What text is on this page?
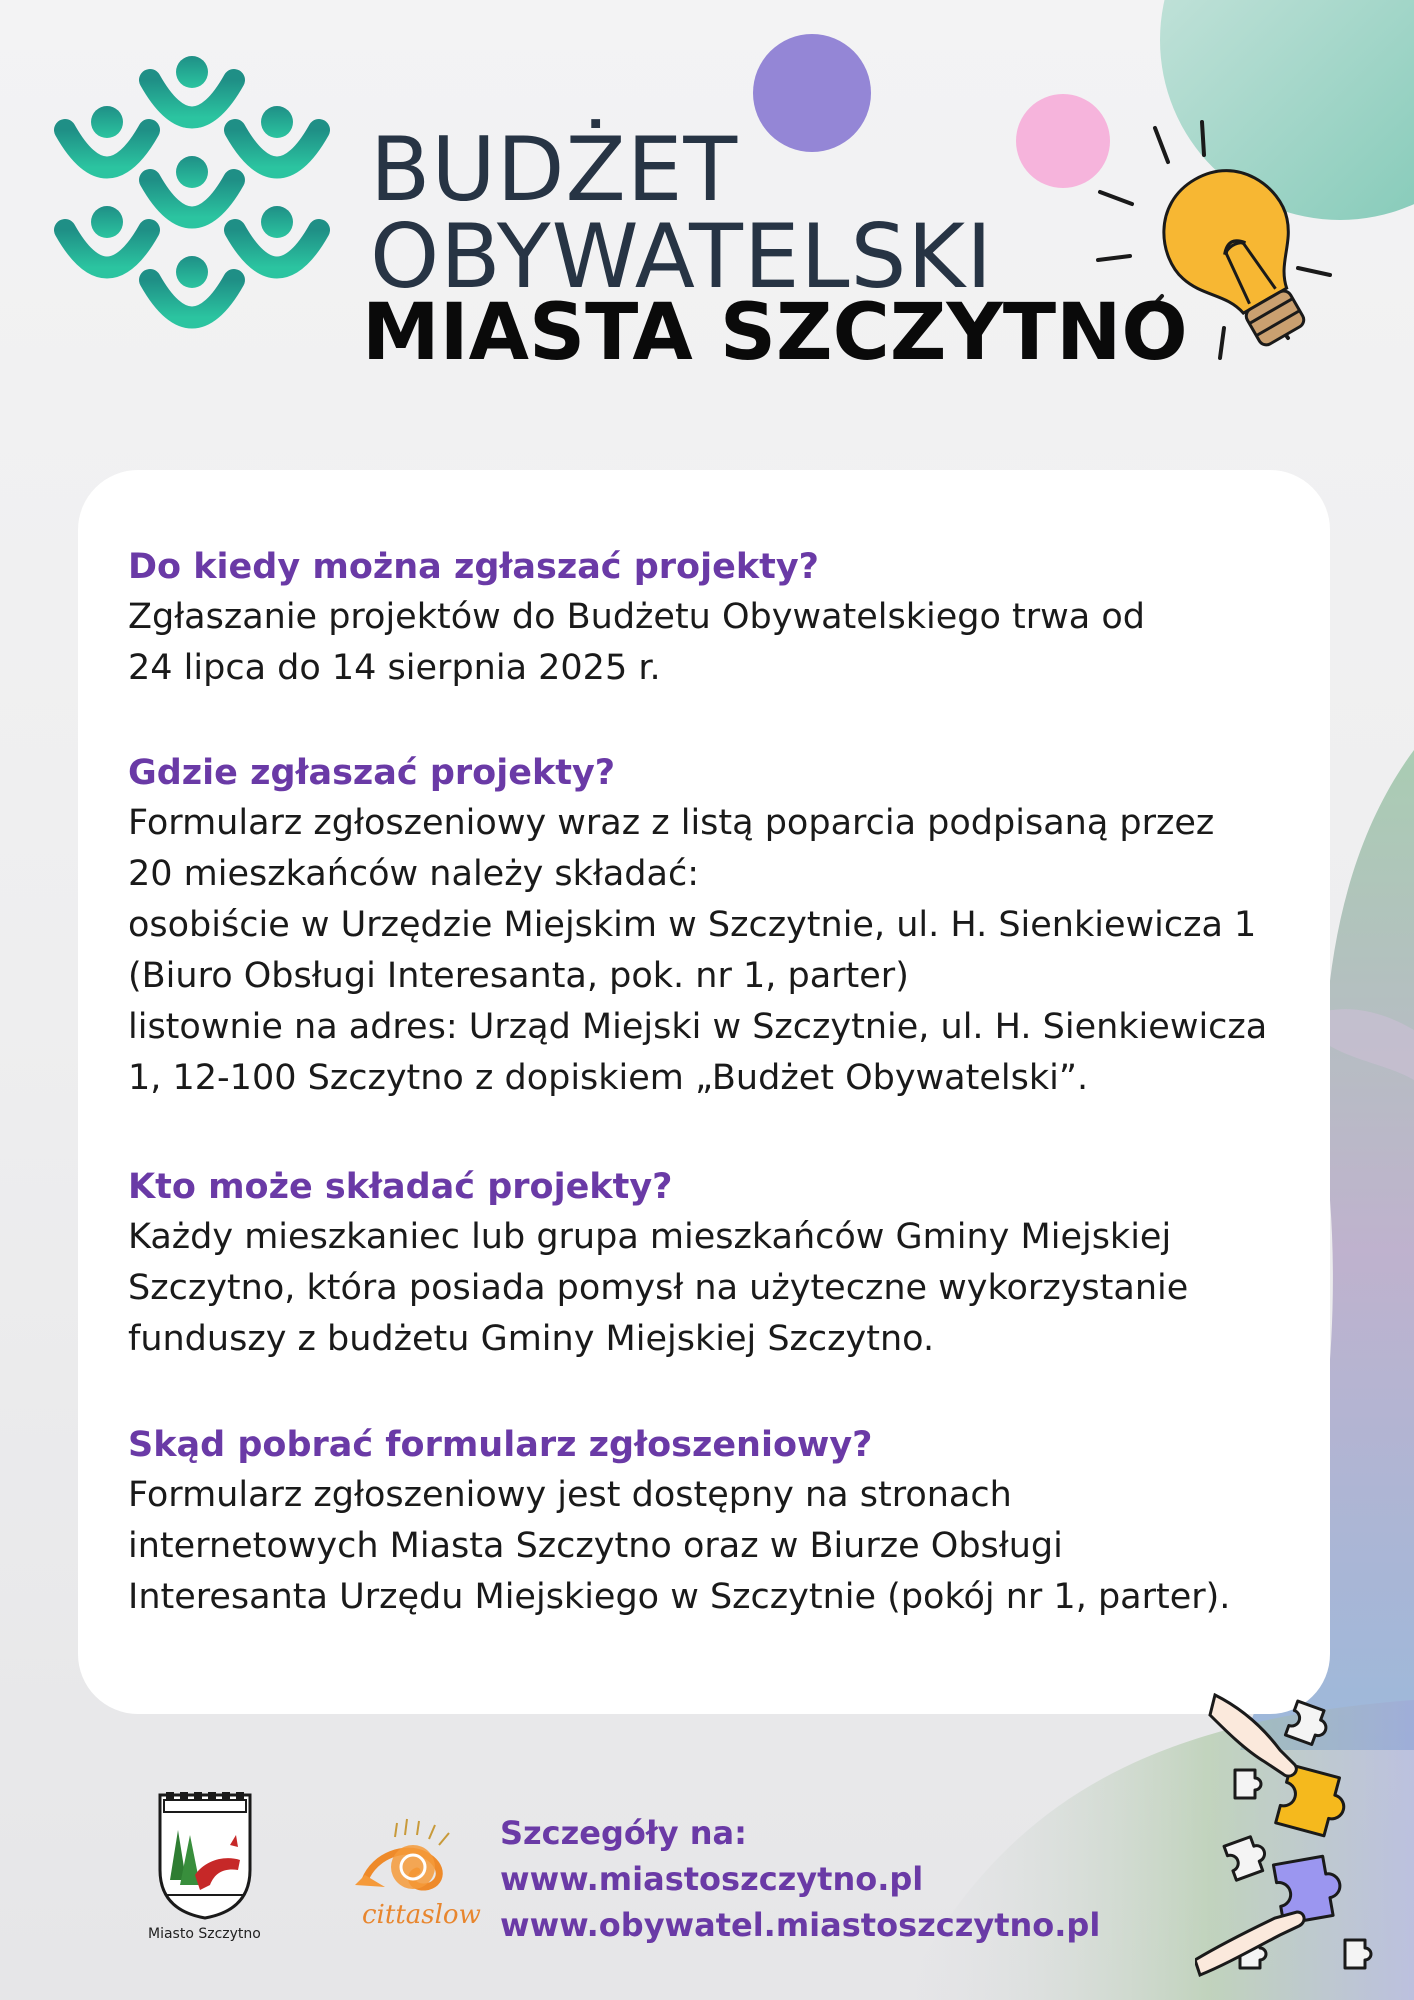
BUDŻET
OBYWATELSKI
MIASTA SZCZYTNO
Do kiedy można zgłaszać projekty?
Zgłaszanie projektów do Budżetu Obywatelskiego trwa od
24 lipca do 14 sierpnia 2025 r.
Gdzie zgłaszać projekty?
Formularz zgłoszeniowy wraz z listą poparcia podpisaną przez
20 mieszkańców należy składać:
osobiście w Urzędzie Miejskim w Szczytnie, ul. H. Sienkiewicza 1
(Biuro Obsługi Interesanta, pok. nr 1, parter)
listownie na adres: Urząd Miejski w Szczytnie, ul. H. Sienkiewicza
1, 12-100 Szczytno z dopiskiem „Budżet Obywatelski”.
Kto może składać projekty?
Każdy mieszkaniec lub grupa mieszkańców Gminy Miejskiej
Szczytno, która posiada pomysł na użyteczne wykorzystanie
funduszy z budżetu Gminy Miejskiej Szczytno.
Skąd pobrać formularz zgłoszeniowy?
Formularz zgłoszeniowy jest dostępny na stronach
internetowych Miasta Szczytno oraz w Biurze Obsługi
Interesanta Urzędu Miejskiego w Szczytnie (pokój nr 1, parter).
Miasto Szczytno
cittaslow
Szczegóły na:
www.miastoszczytno.pl
www.obywatel.miastoszczytno.pl
